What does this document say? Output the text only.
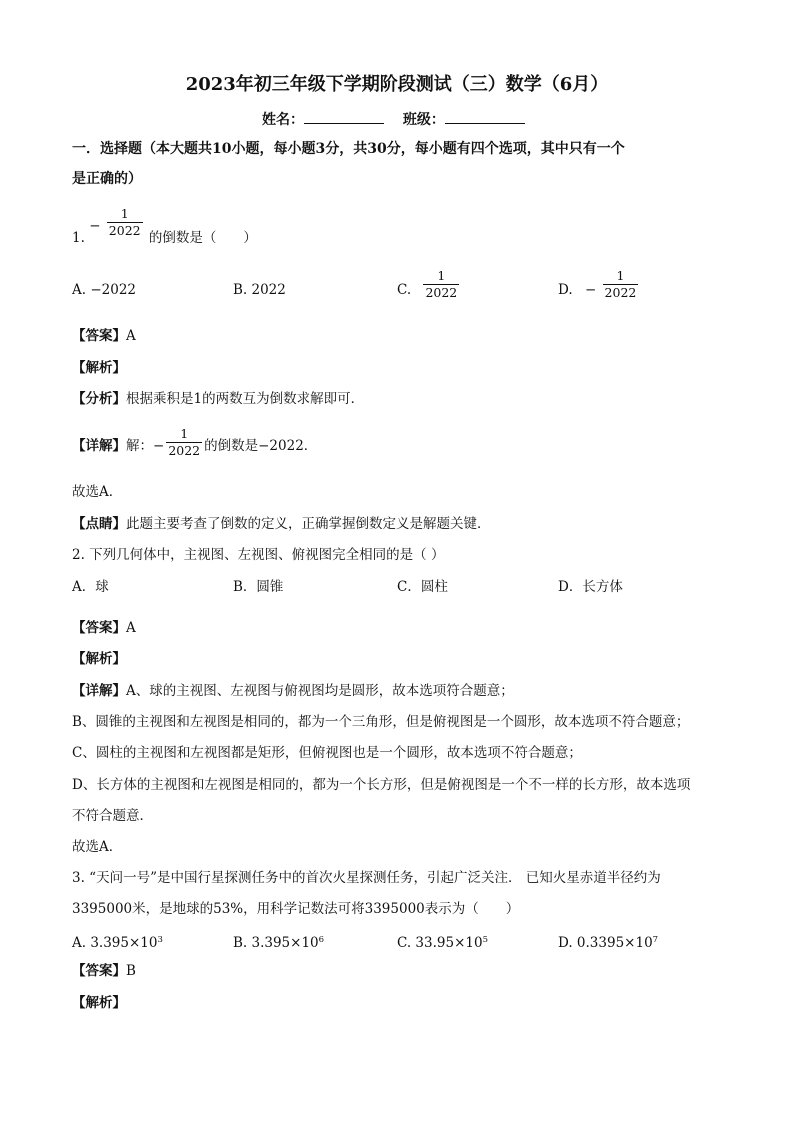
2023年初三年级下学期阶段测试（三）数学（6月）
姓名：	班级：
一．选择题（本大题共10小题，每小题3分，共30分，每小题有四个选项，其中只有一个
是正确的）
1. − $\frac{1}{2022}$ 的倒数是（　　）
A. −2022	B. 2022	C. $\frac{1}{2022}$	D. − $\frac{1}{2022}$
【答案】A
【解析】
【分析】根据乘积是1的两数互为倒数求解即可．
【详解】解：− $\frac{1}{2022}$ 的倒数是−2022．
故选A．
【点睛】此题主要考查了倒数的定义，正确掌握倒数定义是解题关键．
2. 下列几何体中，主视图、左视图、俯视图完全相同的是（ ）
A．球	B．圆锥	C．圆柱	D．长方体
【答案】A
【解析】
【详解】A、球的主视图、左视图与俯视图均是圆形，故本选项符合题意；
B、圆锥的主视图和左视图是相同的，都为一个三角形，但是俯视图是一个圆形，故本选项不符合题意；
C、圆柱的主视图和左视图都是矩形，但俯视图也是一个圆形，故本选项不符合题意；
D、长方体的主视图和左视图是相同的，都为一个长方形，但是俯视图是一个不一样的长方形，故本选项
不符合题意．
故选A．
3. “天问一号”是中国行星探测任务中的首次火星探测任务，引起广泛关注． 已知火星赤道半径约为
3395000米，是地球的53%，用科学记数法可将3395000表示为（　　）
A. $3.395\times 10^3$	B. $3.395\times 10^6$	C. $33.95\times 10^5$	D. $0.3395\times 10^7$
【答案】B
【解析】
